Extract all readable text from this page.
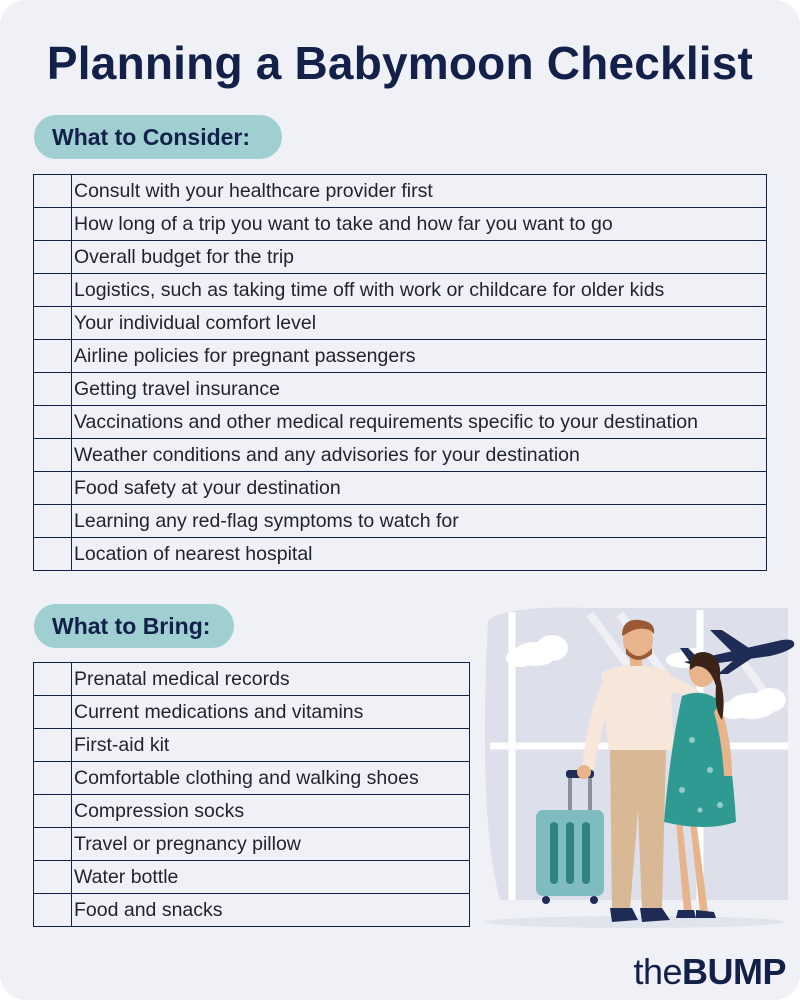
Planning a Babymoon Checklist
What to Consider:
	Consult with your healthcare provider first
	How long of a trip you want to take and how far you want to go
	Overall budget for the trip
	Logistics, such as taking time off with work or childcare for older kids
	Your individual comfort level
	Airline policies for pregnant passengers
	Getting travel insurance
	Vaccinations and other medical requirements specific to your destination
	Weather conditions and any advisories for your destination
	Food safety at your destination
	Learning any red-flag symptoms to watch for
	Location of nearest hospital
What to Bring:
	Prenatal medical records
	Current medications and vitamins
	First-aid kit
	Comfortable clothing and walking shoes
	Compression socks
	Travel or pregnancy pillow
	Water bottle
	Food and snacks
theBUMP
